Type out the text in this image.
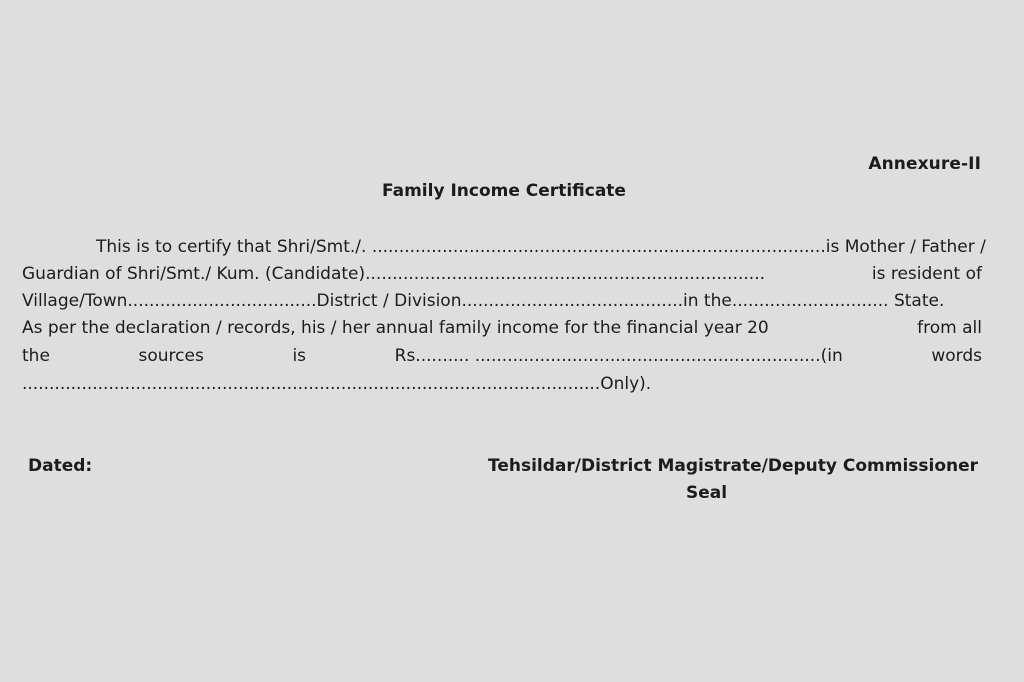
Annexure-II
Family Income Certificate
This is to certify that Shri/Smt./. ....................................................................................is Mother / Father /
Guardian of Shri/Smt./ Kum. (Candidate)..........................................................................	is resident of
Village/Town...................................District / Division.........................................in the............................. State.
As per the declaration / records, his / her annual family income for the financial year 20	from all
the	sources	is	Rs.......... ................................................................(in	words
...........................................................................................................Only).
Dated:	Tehsildar/District Magistrate/Deputy Commissioner
Seal
